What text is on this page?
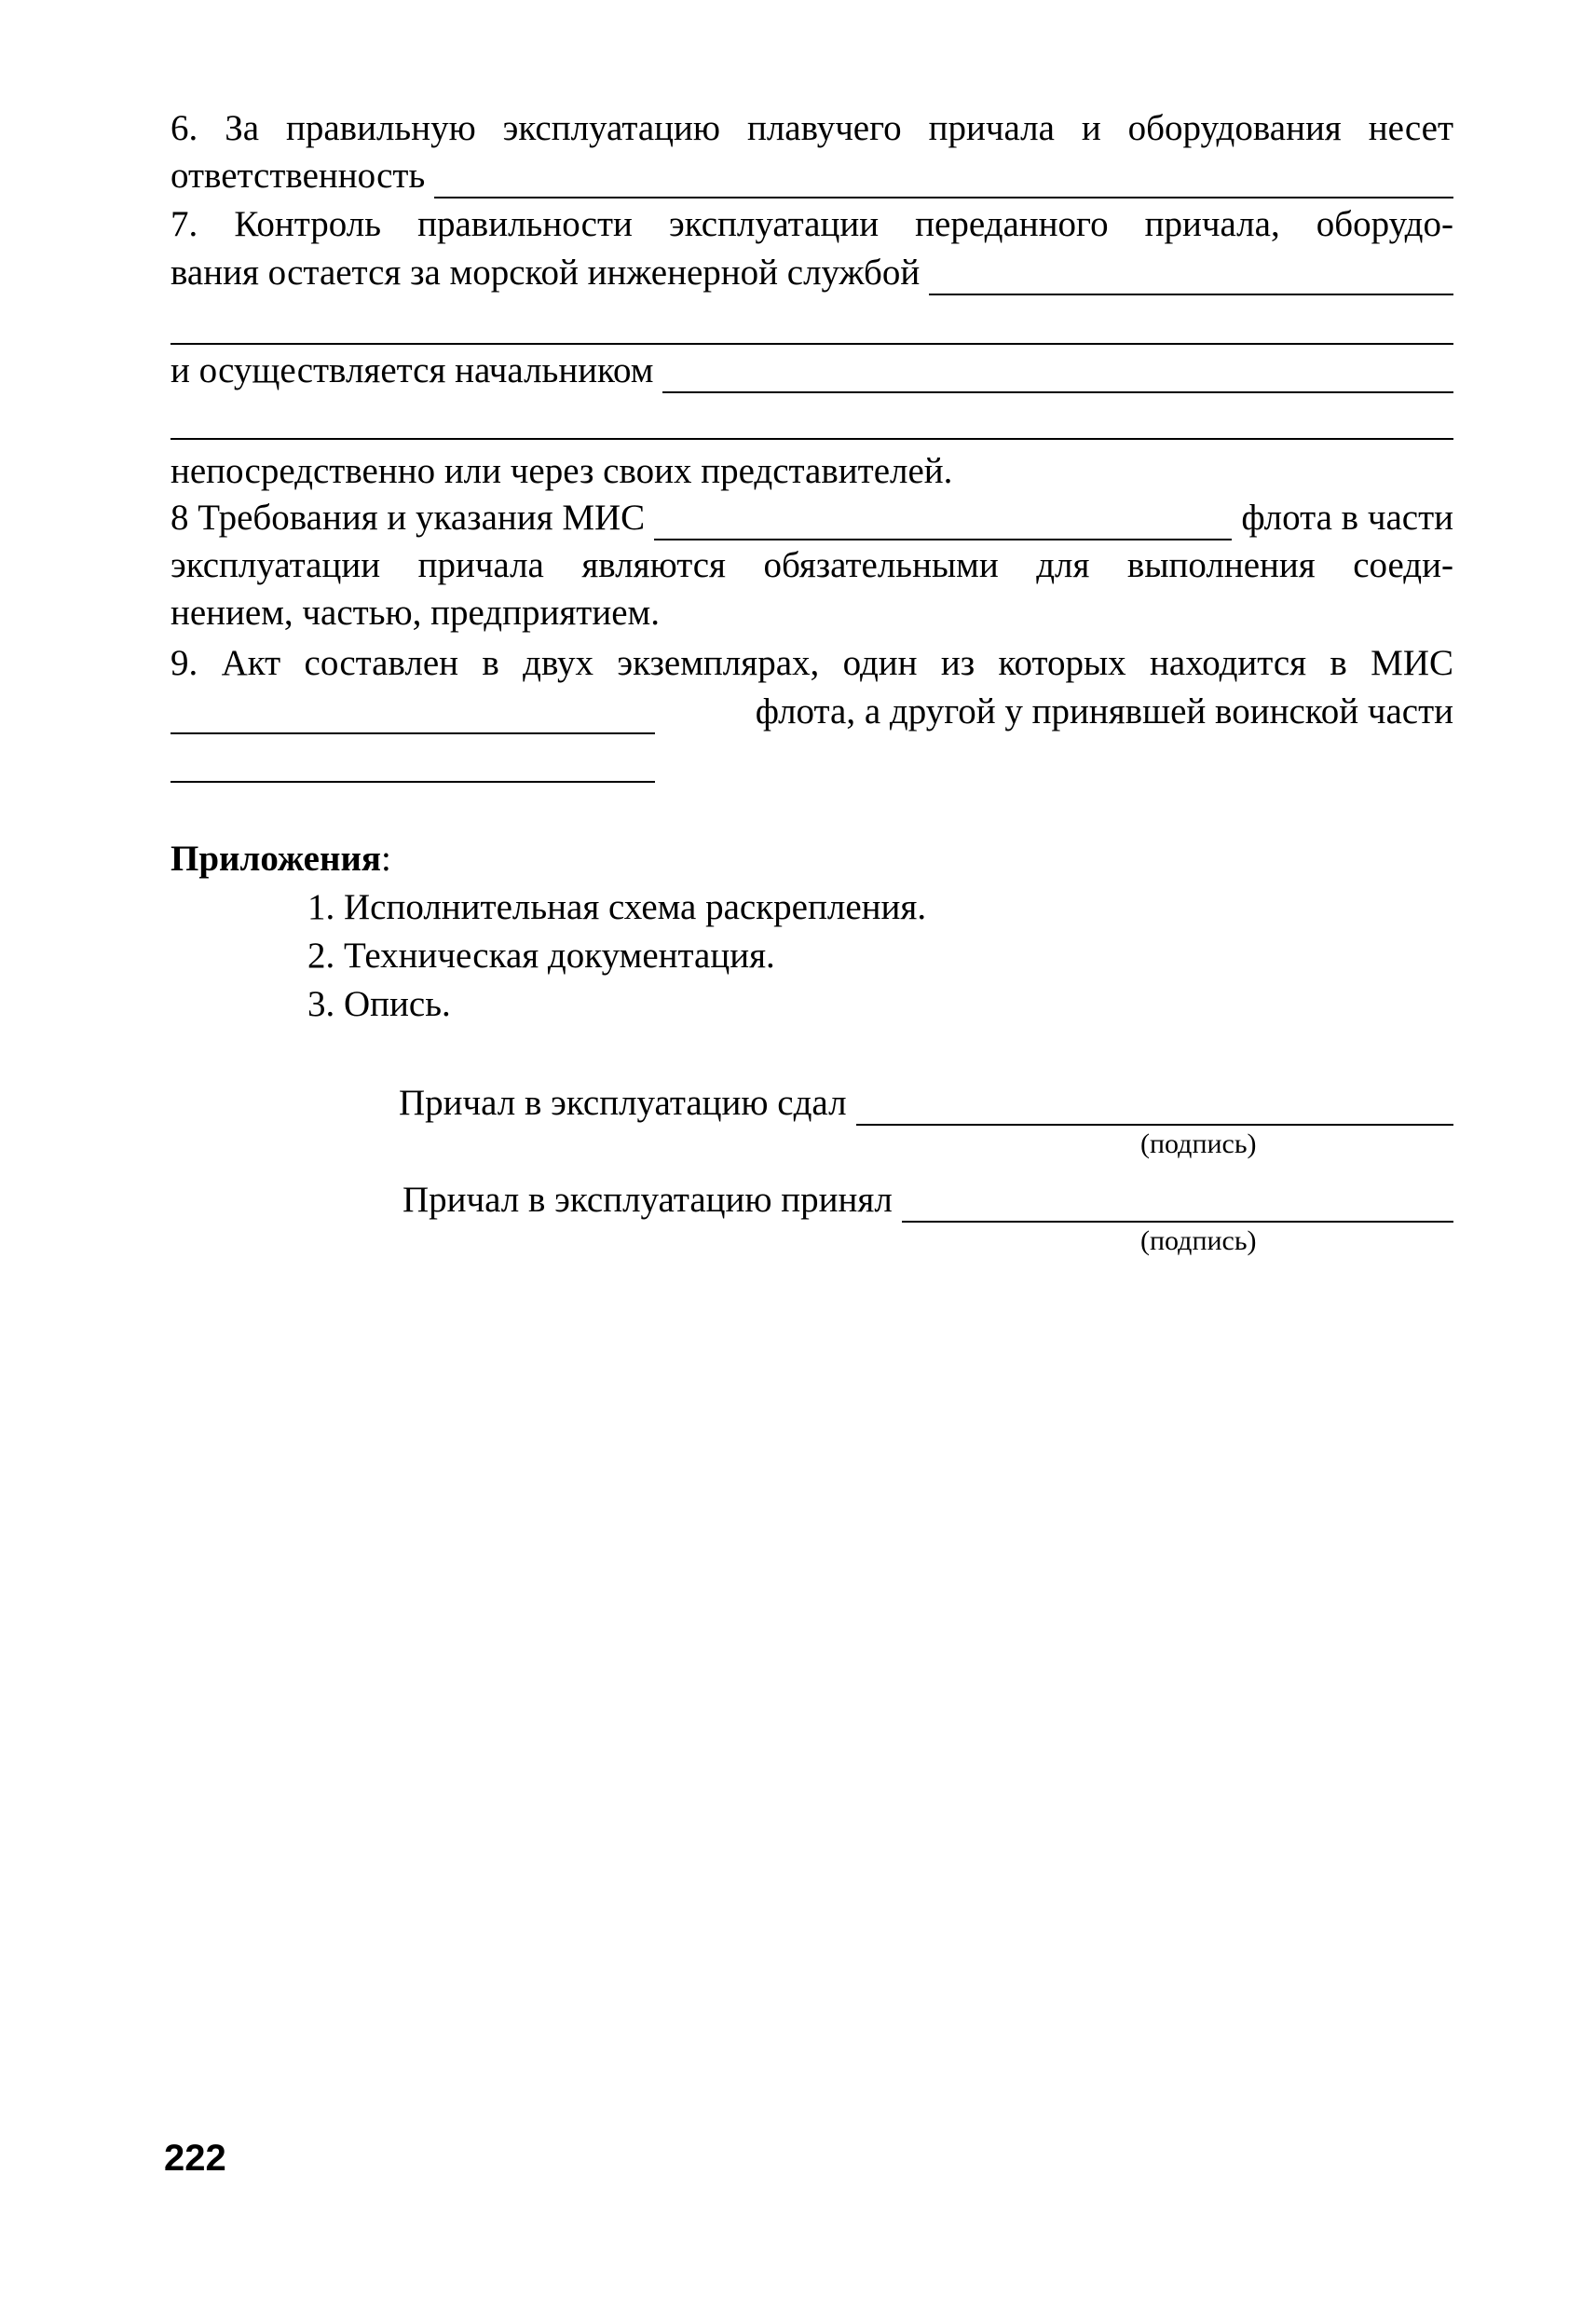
6. За правильную эксплуатацию плавучего причала и оборудования несет
ответственность
7. Контроль правильности эксплуатации переданного причала, оборудо-
вания остается за морской инженерной службой
и осуществляется начальником
непосредственно или через своих представителей.
8 Требования и указания МИС	флота в части
эксплуатации причала являются обязательными для выполнения соеди-
нением, частью, предприятием.
9. Акт составлен в двух экземплярах, один из которых находится в МИС
флота, а другой у принявшей воинской части
Приложения:
1. Исполнительная схема раскрепления.
2. Техническая документация.
3. Опись.
Причал в эксплуатацию сдал
(подпись)
Причал в эксплуатацию принял
(подпись)
222
